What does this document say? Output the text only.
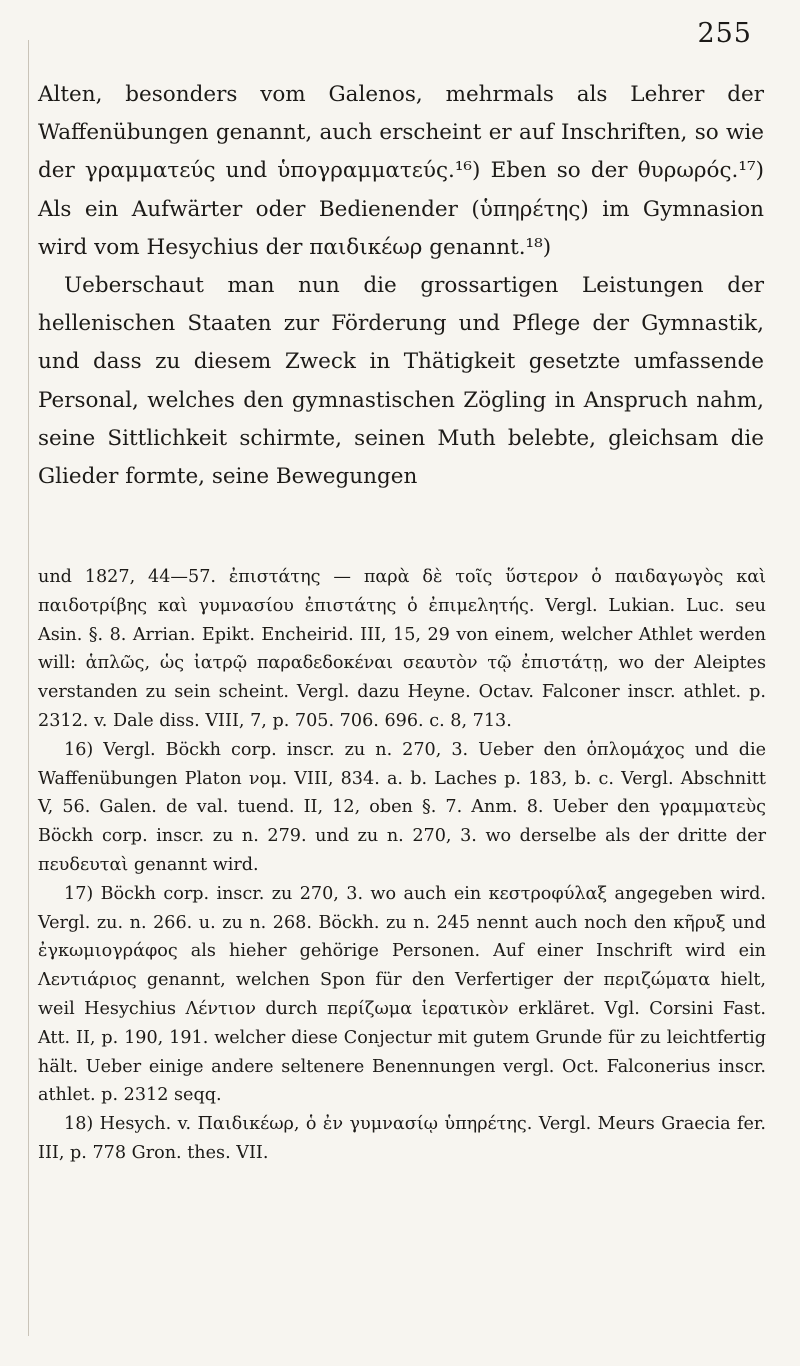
255

Alten, besonders vom Galenos, mehrmals als Lehrer der Waffenübungen genannt, auch erscheint er auf Inschriften, so wie der γραμματεύς und ὑπογραμματεύς.¹⁶) Eben so der θυρωρός.¹⁷) Als ein Aufwärter oder Bedienender (ὑπηρέτης) im Gymnasion wird vom Hesychius der παιδικέωρ genannt.¹⁸)

Ueberschaut man nun die grossartigen Leistungen der hellenischen Staaten zur Förderung und Pflege der Gymnastik, und dass zu diesem Zweck in Thätigkeit gesetzte umfassende Personal, welches den gymnastischen Zögling in Anspruch nahm, seine Sittlichkeit schirmte, seinen Muth belebte, gleichsam die Glieder formte, seine Bewegungen

und 1827, 44—57. ἐπιστάτης — παρὰ δὲ τοῖς ὕστερον ὁ παιδαγωγὸς καὶ παιδοτρίβης καὶ γυμνασίου ἐπιστάτης ὁ ἐπιμελητής. Vergl. Lukian. Luc. seu Asin. §. 8. Arrian. Epikt. Encheirid. III, 15, 29 von einem, welcher Athlet werden will: ἁπλῶς, ὡς ἰατρῷ παραδεδοκέναι σεαυτὸν τῷ ἐπιστάτῃ, wo der Aleiptes verstanden zu sein scheint. Vergl. dazu Heyne. Octav. Falconer inscr. athlet. p. 2312. v. Dale diss. VIII, 7, p. 705. 706. 696. c. 8, 713.

16) Vergl. Böckh corp. inscr. zu n. 270, 3. Ueber den ὁπλομάχος und die Waffenübungen Platon νομ. VIII, 834. a. b. Laches p. 183, b. c. Vergl. Abschnitt V, 56. Galen. de val. tuend. II, 12, oben §. 7. Anm. 8. Ueber den γραμματεὺς Böckh corp. inscr. zu n. 279. und zu n. 270, 3. wo derselbe als der dritte der πευδευταὶ genannt wird.

17) Böckh corp. inscr. zu 270, 3. wo auch ein κεστροφύλαξ angegeben wird. Vergl. zu. n. 266. u. zu n. 268. Böckh. zu n. 245 nennt auch noch den κῆρυξ und ἐγκωμιογράφος als hieher gehörige Personen. Auf einer Inschrift wird ein Λεντιάριος genannt, welchen Spon für den Verfertiger der περιζώματα hielt, weil Hesychius Λέντιον durch περίζωμα ἱερατικὸν erkläret. Vgl. Corsini Fast. Att. II, p. 190, 191. welcher diese Conjectur mit gutem Grunde für zu leichtfertig hält. Ueber einige andere seltenere Benennungen vergl. Oct. Falconerius inscr. athlet. p. 2312 seqq.

18) Hesych. v. Παιδικέωρ, ὁ ἐν γυμνασίῳ ὑπηρέτης. Vergl. Meurs Graecia fer. III, p. 778 Gron. thes. VII.
